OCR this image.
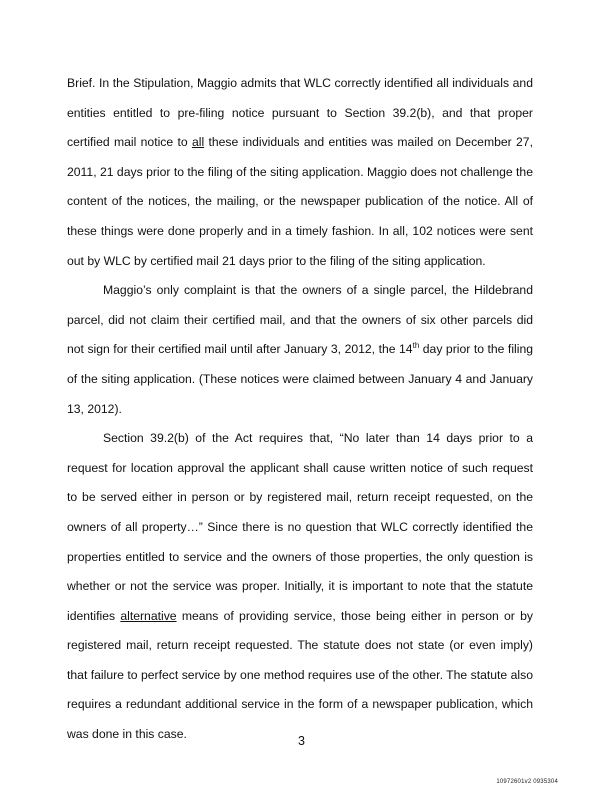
Brief. In the Stipulation, Maggio admits that WLC correctly identified all individuals and entities entitled to pre-filing notice pursuant to Section 39.2(b), and that proper certified mail notice to all these individuals and entities was mailed on December 27, 2011, 21 days prior to the filing of the siting application. Maggio does not challenge the content of the notices, the mailing, or the newspaper publication of the notice. All of these things were done properly and in a timely fashion. In all, 102 notices were sent out by WLC by certified mail 21 days prior to the filing of the siting application.

Maggio’s only complaint is that the owners of a single parcel, the Hildebrand parcel, did not claim their certified mail, and that the owners of six other parcels did not sign for their certified mail until after January 3, 2012, the 14th day prior to the filing of the siting application. (These notices were claimed between January 4 and January 13, 2012).

Section 39.2(b) of the Act requires that, “No later than 14 days prior to a request for location approval the applicant shall cause written notice of such request to be served either in person or by registered mail, return receipt requested, on the owners of all property…” Since there is no question that WLC correctly identified the properties entitled to service and the owners of those properties, the only question is whether or not the service was proper. Initially, it is important to note that the statute identifies alternative means of providing service, those being either in person or by registered mail, return receipt requested. The statute does not state (or even imply) that failure to perfect service by one method requires use of the other. The statute also requires a redundant additional service in the form of a newspaper publication, which was done in this case.	3
10972601v2 0935304
